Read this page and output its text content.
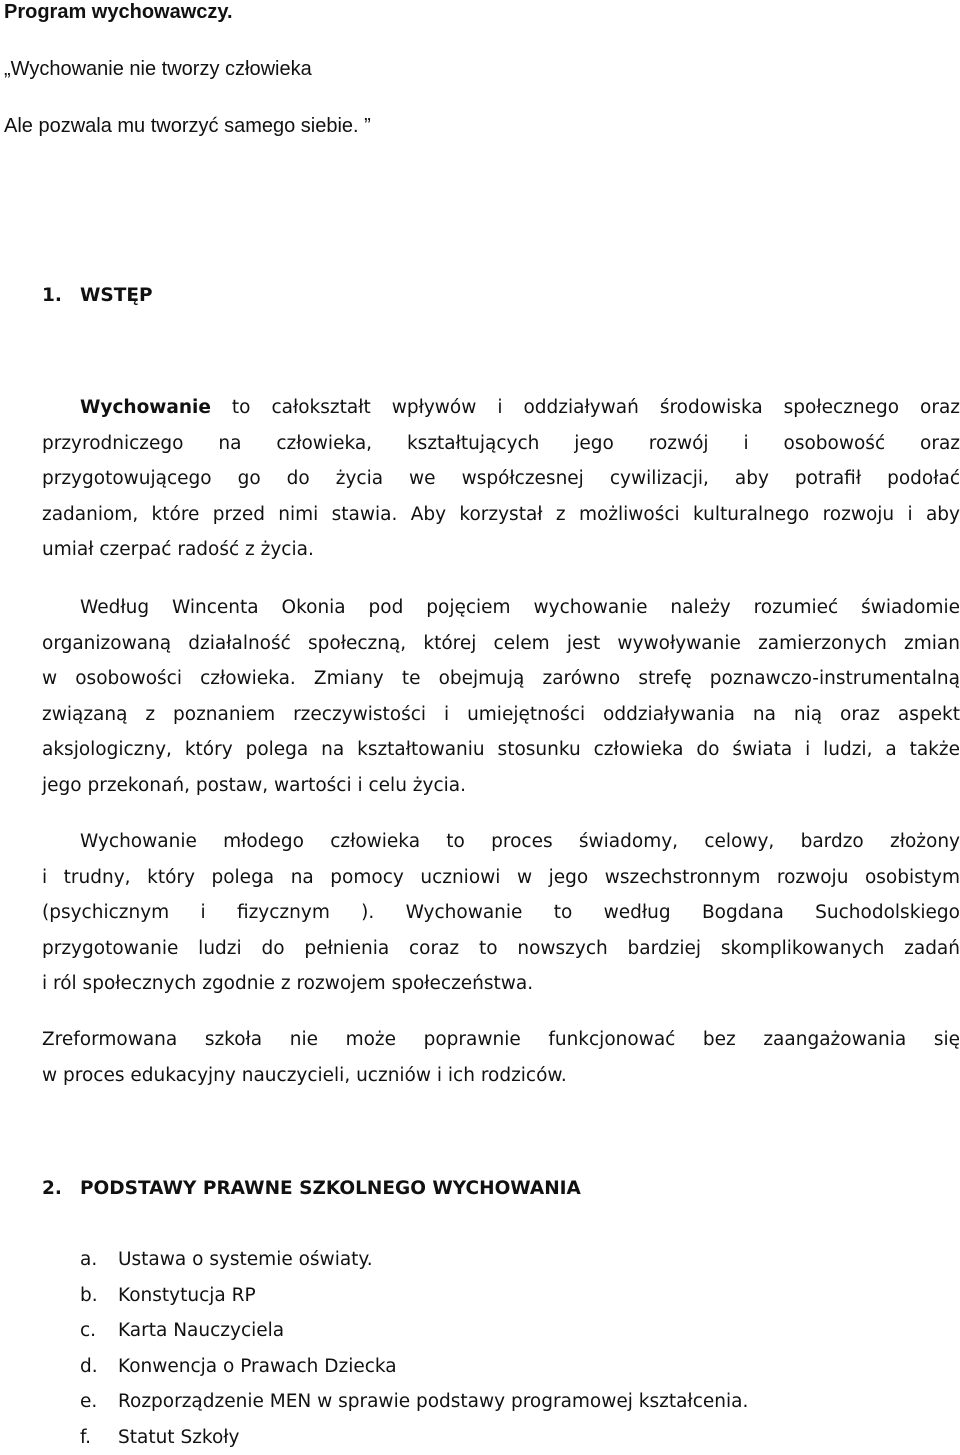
Program wychowawczy.
„Wychowanie nie tworzy człowieka
Ale pozwala mu tworzyć samego siebie. ”
1. WSTĘP
Wychowanie to całokształt wpływów i oddziaływań środowiska społecznego oraz
przyrodniczego na człowieka, kształtujących jego rozwój i osobowość oraz
przygotowującego go do życia we współczesnej cywilizacji, aby potrafił podołać
zadaniom, które przed nimi stawia. Aby korzystał z możliwości kulturalnego rozwoju i aby
umiał czerpać radość z życia.
Według Wincenta Okonia pod pojęciem wychowanie należy rozumieć świadomie
organizowaną działalność społeczną, której celem jest wywoływanie zamierzonych zmian
w osobowości człowieka. Zmiany te obejmują zarówno strefę poznawczo-instrumentalną
związaną z poznaniem rzeczywistości i umiejętności oddziaływania na nią oraz aspekt
aksjologiczny, który polega na kształtowaniu stosunku człowieka do świata i ludzi, a także
jego przekonań, postaw, wartości i celu życia.
Wychowanie młodego człowieka to proces świadomy, celowy, bardzo złożony
i trudny, który polega na pomocy uczniowi w jego wszechstronnym rozwoju osobistym
(psychicznym i fizycznym ). Wychowanie to według Bogdana Suchodolskiego
przygotowanie ludzi do pełnienia coraz to nowszych bardziej skomplikowanych zadań
i ról społecznych zgodnie z rozwojem społeczeństwa.
Zreformowana szkoła nie może poprawnie funkcjonować bez zaangażowania się
w proces edukacyjny nauczycieli, uczniów i ich rodziców.
2. PODSTAWY PRAWNE SZKOLNEGO WYCHOWANIA
a. Ustawa o systemie oświaty.
b. Konstytucja RP
c. Karta Nauczyciela
d. Konwencja o Prawach Dziecka
e. Rozporządzenie MEN w sprawie podstawy programowej kształcenia.
f. Statut Szkoły
